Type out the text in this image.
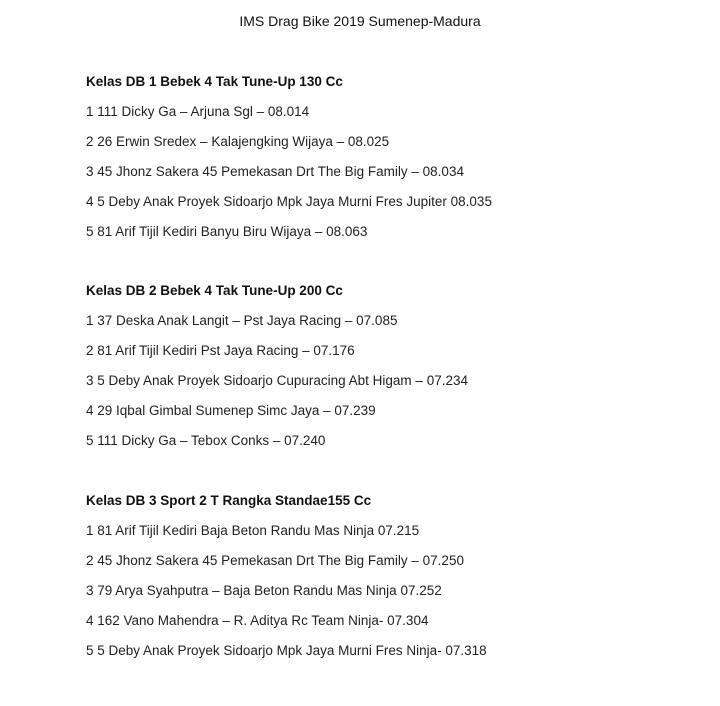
IMS Drag Bike 2019 Sumenep-Madura
Kelas DB 1 Bebek 4 Tak Tune-Up 130 Cc
1 111 Dicky Ga – Arjuna Sgl – 08.014
2 26 Erwin Sredex – Kalajengking Wijaya – 08.025
3 45 Jhonz Sakera 45 Pemekasan Drt The Big Family – 08.034
4 5 Deby Anak Proyek Sidoarjo Mpk Jaya Murni Fres Jupiter 08.035
5 81 Arif Tijil Kediri Banyu Biru Wijaya – 08.063
Kelas DB 2 Bebek 4 Tak Tune-Up 200 Cc
1 37 Deska Anak Langit – Pst Jaya Racing – 07.085
2 81 Arif Tijil Kediri Pst Jaya Racing – 07.176
3 5 Deby Anak Proyek Sidoarjo Cupuracing Abt Higam – 07.234
4 29 Iqbal Gimbal Sumenep Simc Jaya – 07.239
5 111 Dicky Ga – Tebox Conks – 07.240
Kelas DB 3 Sport 2 T Rangka Standae155 Cc
1 81 Arif Tijil Kediri Baja Beton Randu Mas Ninja 07.215
2 45 Jhonz Sakera 45 Pemekasan Drt The Big Family – 07.250
3 79 Arya Syahputra – Baja Beton Randu Mas Ninja 07.252
4 162 Vano Mahendra – R. Aditya Rc Team Ninja- 07.304
5 5 Deby Anak Proyek Sidoarjo Mpk Jaya Murni Fres Ninja- 07.318
